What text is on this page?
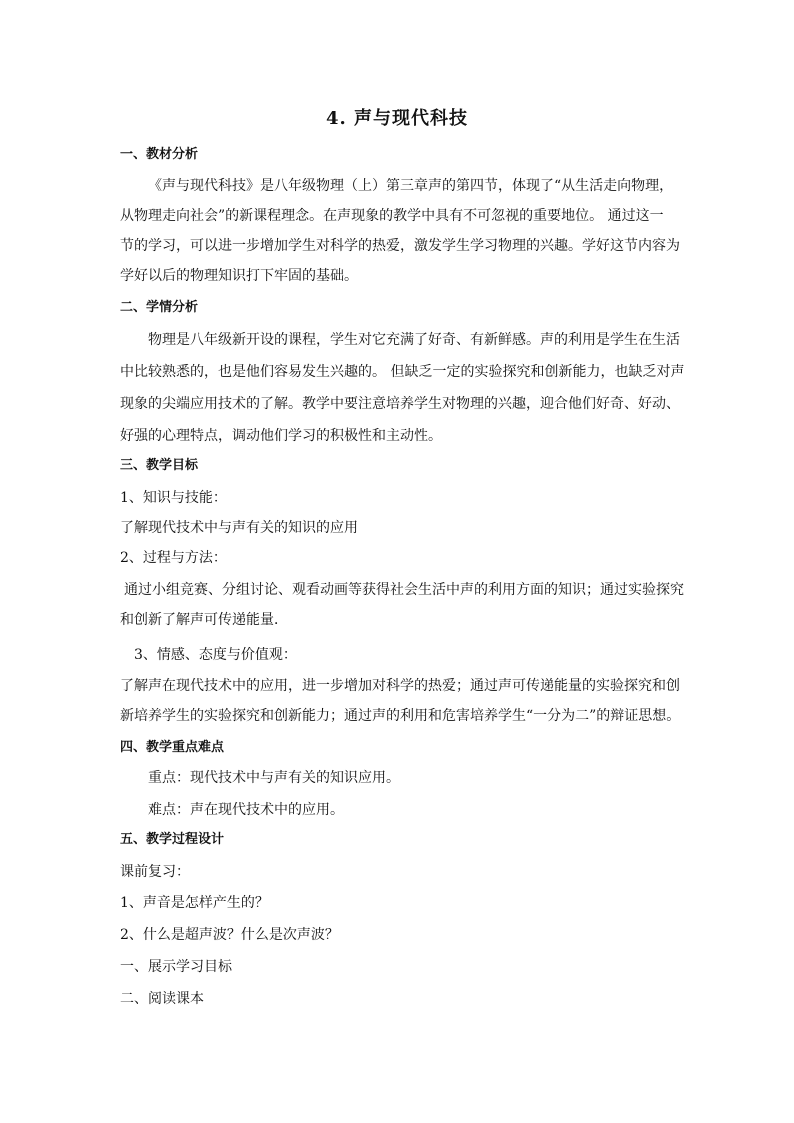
4. 声与现代科技
一、教材分析
《声与现代科技》是八年级物理（上）第三章声的第四节，体现了“从生活走向物理，
从物理走向社会”的新课程理念。在声现象的教学中具有不可忽视的重要地位。 通过这一
节的学习，可以进一步增加学生对科学的热爱，激发学生学习物理的兴趣。学好这节内容为
学好以后的物理知识打下牢固的基础。
二、学情分析
物理是八年级新开设的课程，学生对它充满了好奇、有新鲜感。声的利用是学生在生活
中比较熟悉的，也是他们容易发生兴趣的。 但缺乏一定的实验探究和创新能力，也缺乏对声
现象的尖端应用技术的了解。教学中要注意培养学生对物理的兴趣，迎合他们好奇、好动、
好强的心理特点，调动他们学习的积极性和主动性。
三、教学目标
1、知识与技能：
了解现代技术中与声有关的知识的应用
2、过程与方法：
通过小组竞赛、分组讨论、观看动画等获得社会生活中声的利用方面的知识；通过实验探究
和创新了解声可传递能量．
3、情感、态度与价值观：
了解声在现代技术中的应用，进一步增加对科学的热爱；通过声可传递能量的实验探究和创
新培养学生的实验探究和创新能力；通过声的利用和危害培养学生“一分为二”的辩证思想。
四、教学重点难点
重点：现代技术中与声有关的知识应用。
难点：声在现代技术中的应用。
五、教学过程设计
课前复习：
1、声音是怎样产生的？
2、什么是超声波？什么是次声波？
一、展示学习目标
二、阅读课本
